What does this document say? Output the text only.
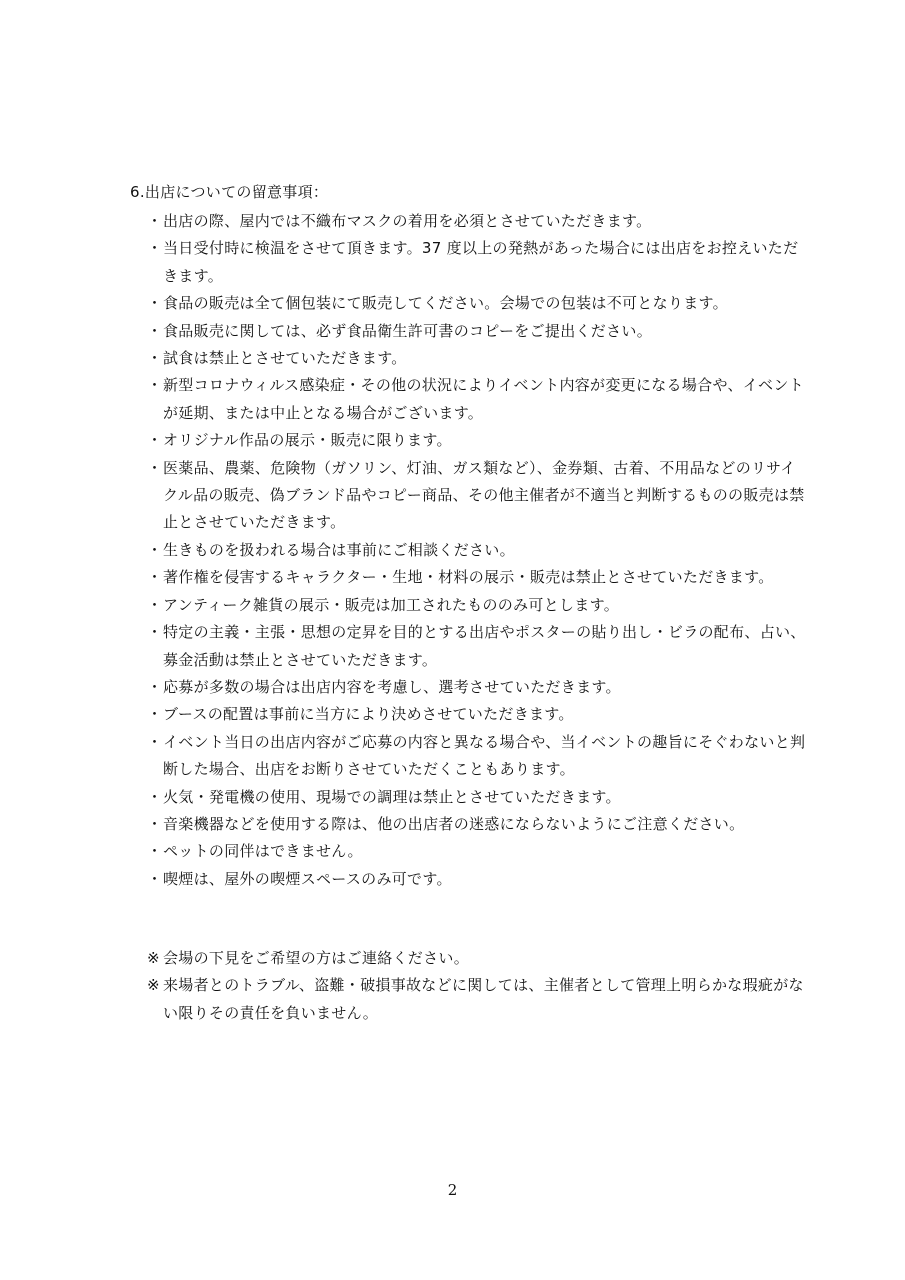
6.出店についての留意事項：
・ 出店の際、屋内では不織布マスクの着用を必須とさせていただきます。
・ 当日受付時に検温をさせて頂きます。37 度以上の発熱があった場合には出店をお控えいただきます。
・ 食品の販売は全て個包装にて販売してください。会場での包装は不可となります。
・ 食品販売に関しては、必ず食品衛生許可書のコピーをご提出ください。
・ 試食は禁止とさせていただきます。
・ 新型コロナウィルス感染症・その他の状況によりイベント内容が変更になる場合や、イベントが延期、または中止となる場合がございます。
・ オリジナル作品の展示・販売に限ります。
・ 医薬品、農薬、危険物（ガソリン、灯油、ガス類など）、金券類、古着、不用品などのリサイクル品の販売、偽ブランド品やコピー商品、その他主催者が不適当と判断するものの販売は禁止とさせていただきます。
・ 生きものを扱われる場合は事前にご相談ください。
・ 著作権を侵害するキャラクター・生地・材料の展示・販売は禁止とさせていただきます。
・ アンティーク雑貨の展示・販売は加工されたもののみ可とします。
・ 特定の主義・主張・思想の定昇を目的とする出店やポスターの貼り出し・ビラの配布、占い、募金活動は禁止とさせていただきます。
・ 応募が多数の場合は出店内容を考慮し、選考させていただきます。
・ ブースの配置は事前に当方により決めさせていただきます。
・ イベント当日の出店内容がご応募の内容と異なる場合や、当イベントの趣旨にそぐわないと判断した場合、出店をお断りさせていただくこともあります。
・ 火気・発電機の使用、現場での調理は禁止とさせていただきます。
・ 音楽機器などを使用する際は、他の出店者の迷惑にならないようにご注意ください。
・ ペットの同伴はできません。
・ 喫煙は、屋外の喫煙スペースのみ可です。
※ 会場の下見をご希望の方はご連絡ください。
※ 来場者とのトラブル、盗難・破損事故などに関しては、主催者として管理上明らかな瑕疵がない限りその責任を負いません。
2
